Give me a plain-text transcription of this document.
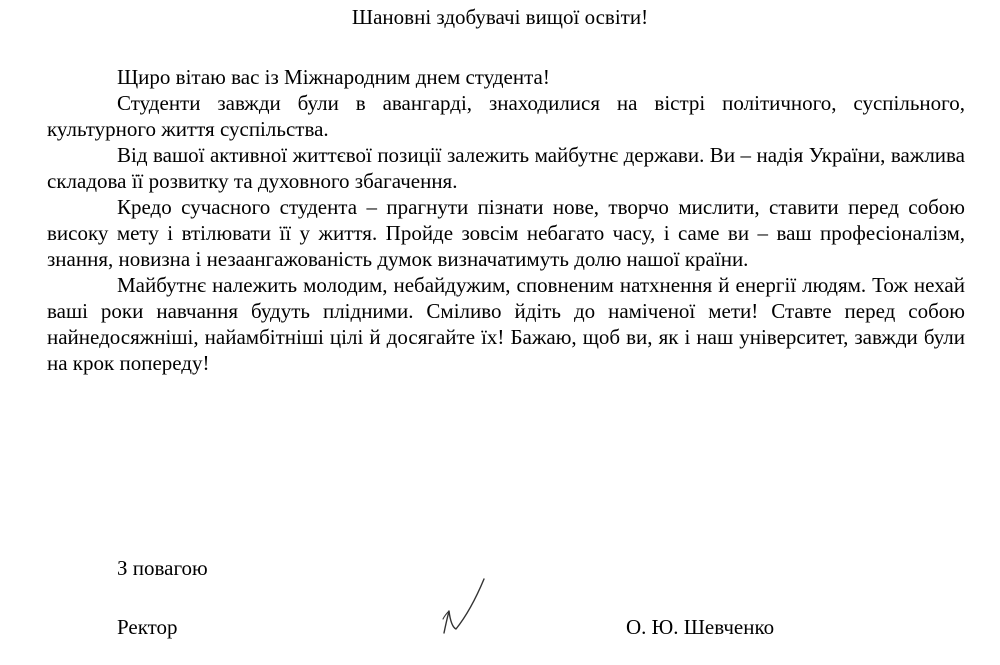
Шановні здобувачі вищої освіти!

Щиро вітаю вас із Міжнародним днем студента!

Студенти завжди були в авангарді, знаходилися на вістрі політичного, суспільного, культурного життя суспільства.

Від вашої активної життєвої позиції залежить майбутнє держави. Ви – надія України, важлива складова її розвитку та духовного збагачення.

Кредо сучасного студента – прагнути пізнати нове, творчо мислити, ставити перед собою високу мету і втілювати її у життя. Пройде зовсім небагато часу, і саме ви – ваш професіоналізм, знання, новизна і незаангажованість думок визначатимуть долю нашої країни.

Майбутнє належить молодим, небайдужим, сповненим натхнення й енергії людям. Тож нехай ваші роки навчання будуть плідними. Сміливо йдіть до наміченої мети! Ставте перед собою найнедосяжніші, найамбітніші цілі й досягайте їх! Бажаю, щоб ви, як і наш університет, завжди були на крок попереду!

З повагою

Ректор	О. Ю. Шевченко
